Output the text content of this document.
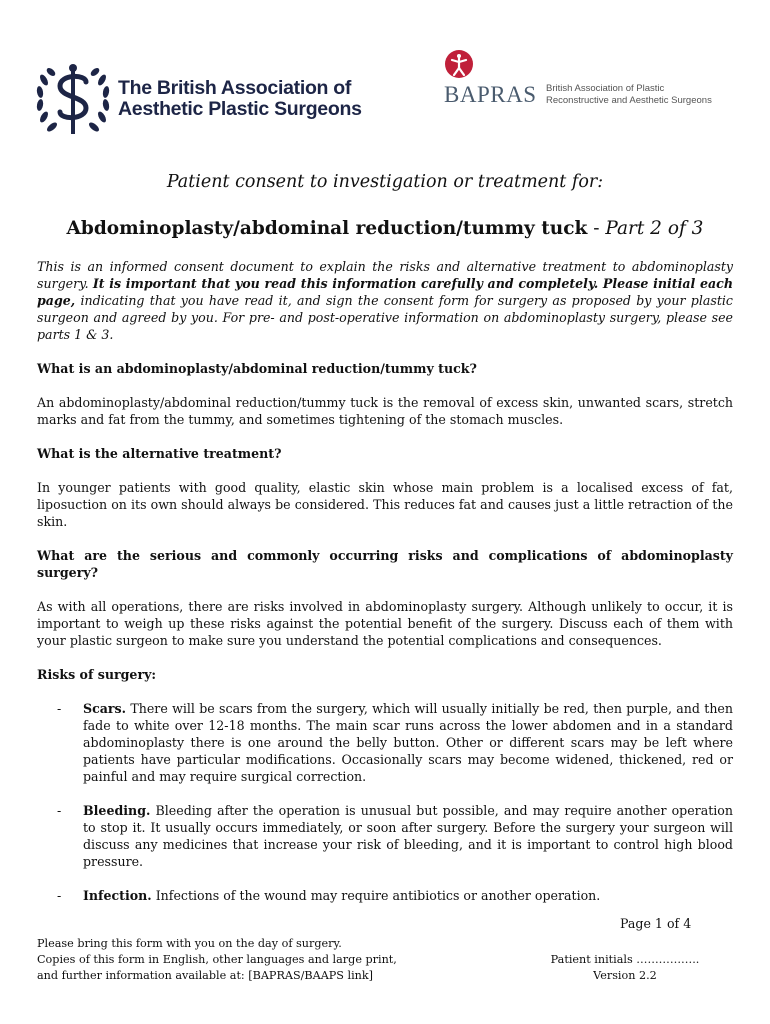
The British Association of
Aesthetic Plastic Surgeons
BAPRAS British Association of Plastic
Reconstructive and Aesthetic Surgeons
Patient consent to investigation or treatment for:
Abdominoplasty/abdominal reduction/tummy tuck - Part 2 of 3

This is an informed consent document to explain the risks and alternative treatment to abdominoplasty surgery. It is important that you read this information carefully and completely. Please initial each page, indicating that you have read it, and sign the consent form for surgery as proposed by your plastic surgeon and agreed by you. For pre- and post-operative information on abdominoplasty surgery, please see parts 1 & 3.

What is an abdominoplasty/abdominal reduction/tummy tuck?

An abdominoplasty/abdominal reduction/tummy tuck is the removal of excess skin, unwanted scars, stretch marks and fat from the tummy, and sometimes tightening of the stomach muscles.

What is the alternative treatment?

In younger patients with good quality, elastic skin whose main problem is a localised excess of fat, liposuction on its own should always be considered. This reduces fat and causes just a little retraction of the skin.

What are the serious and commonly occurring risks and complications of abdominoplasty surgery?

As with all operations, there are risks involved in abdominoplasty surgery. Although unlikely to occur, it is important to weigh up these risks against the potential benefit of the surgery. Discuss each of them with your plastic surgeon to make sure you understand the potential complications and consequences.

Risks of surgery:

- Scars. There will be scars from the surgery, which will usually initially be red, then purple, and then fade to white over 12-18 months. The main scar runs across the lower abdomen and in a standard abdominoplasty there is one around the belly button. Other or different scars may be left where patients have particular modifications. Occasionally scars may become widened, thickened, red or painful and may require surgical correction.
- Bleeding. Bleeding after the operation is unusual but possible, and may require another operation to stop it. It usually occurs immediately, or soon after surgery. Before the surgery your surgeon will discuss any medicines that increase your risk of bleeding, and it is important to control high blood pressure.
- Infection. Infections of the wound may require antibiotics or another operation.
Page 1 of 4
Please bring this form with you on the day of surgery.
Copies of this form in English, other languages and large print,
and further information available at: [BAPRAS/BAAPS link]
Patient initials ……………..
Version 2.2
